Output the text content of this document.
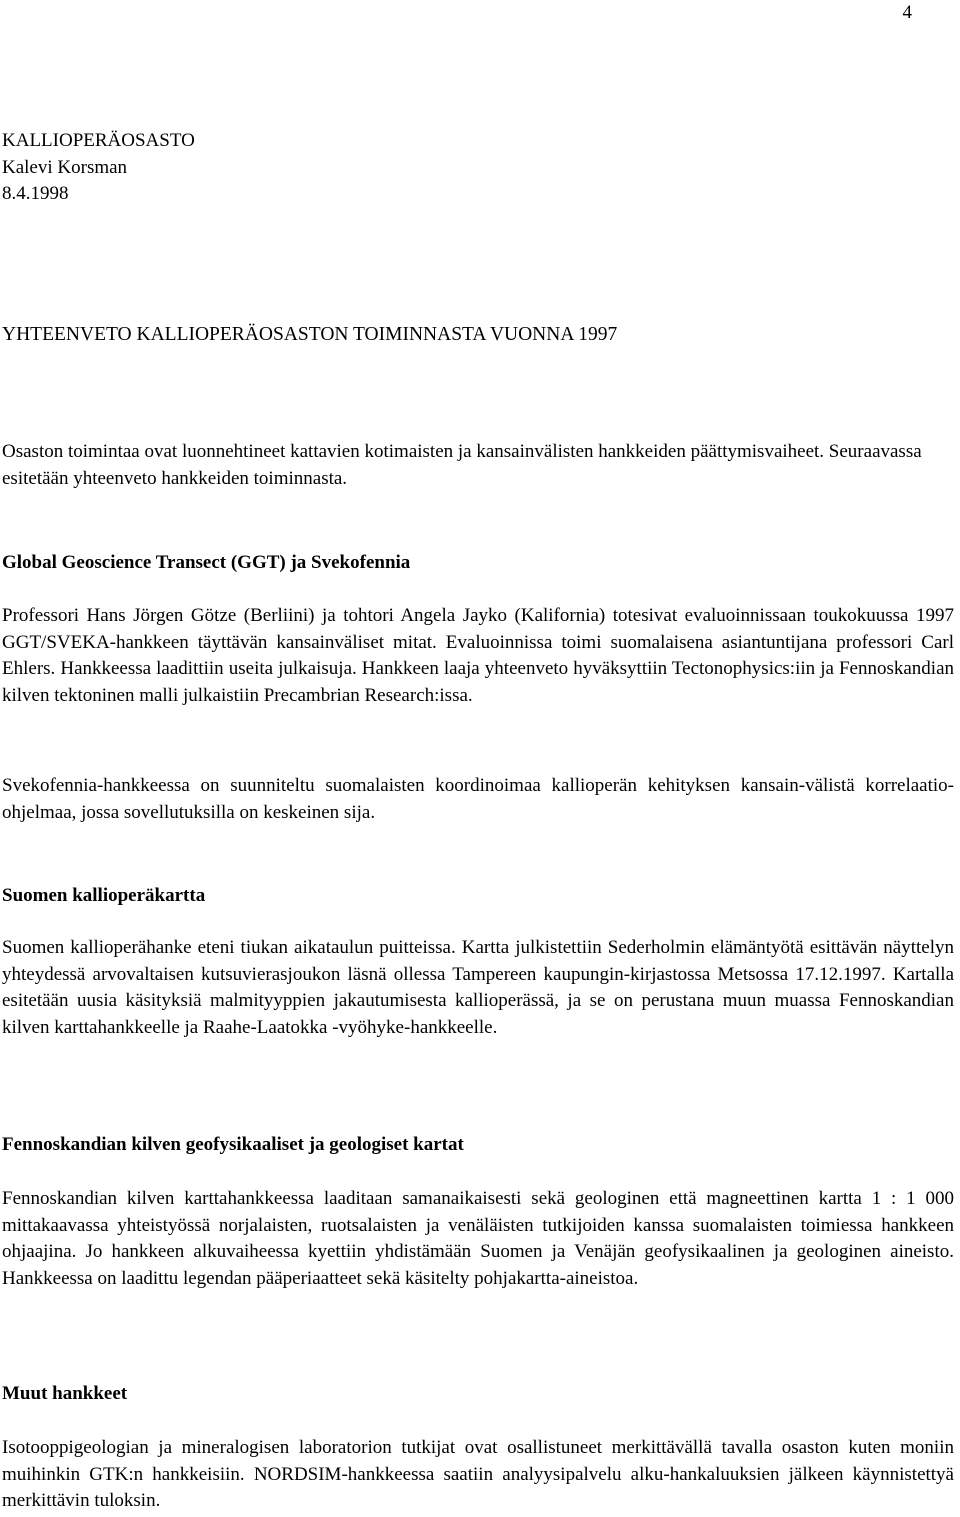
4
KALLIOPERÄOSASTO
Kalevi Korsman
8.4.1998
YHTEENVETO KALLIOPERÄOSASTON TOIMINNASTA VUONNA 1997

Osaston toimintaa ovat luonnehtineet kattavien kotimaisten ja kansainvälisten hankkeiden päättymisvaiheet. Seuraavassa esitetään yhteenveto hankkeiden toiminnasta.

Global Geoscience Transect (GGT) ja Svekofennia

Professori Hans Jörgen Götze (Berliini) ja tohtori Angela Jayko (Kalifornia) totesivat evaluoinnissaan toukokuussa 1997 GGT/SVEKA-hankkeen täyttävän kansainväliset mitat. Evaluoinnissa toimi suomalaisena asiantuntijana professori Carl Ehlers. Hankkeessa laadittiin useita julkaisuja. Hankkeen laaja yhteenveto hyväksyttiin Tectonophysics:iin ja Fennoskandian kilven tektoninen malli julkaistiin Precambrian Research:issa.

Svekofennia-hankkeessa on suunniteltu suomalaisten koordinoimaa kallioperän kehityksen kansain-välistä korrelaatio-ohjelmaa, jossa sovellutuksilla on keskeinen sija.

Suomen kallioperäkartta

Suomen kallioperähanke eteni tiukan aikataulun puitteissa. Kartta julkistettiin Sederholmin elämäntyötä esittävän näyttelyn yhteydessä arvovaltaisen kutsuvierasjoukon läsnä ollessa Tampereen kaupungin-kirjastossa Metsossa 17.12.1997. Kartalla esitetään uusia käsityksiä malmityyppien jakautumisesta kallioperässä, ja se on perustana muun muassa Fennoskandian kilven karttahankkeelle ja Raahe-Laatokka -vyöhyke-hankkeelle.

Fennoskandian kilven geofysikaaliset ja geologiset kartat

Fennoskandian kilven karttahankkeessa laaditaan samanaikaisesti sekä geologinen että magneettinen kartta 1 : 1 000 mittakaavassa yhteistyössä norjalaisten, ruotsalaisten ja venäläisten tutkijoiden kanssa suomalaisten toimiessa hankkeen ohjaajina. Jo hankkeen alkuvaiheessa kyettiin yhdistämään Suomen ja Venäjän geofysikaalinen ja geologinen aineisto. Hankkeessa on laadittu legendan pääperiaatteet sekä käsitelty pohjakartta-aineistoa.

Muut hankkeet

Isotooppigeologian ja mineralogisen laboratorion tutkijat ovat osallistuneet merkittävällä tavalla osaston kuten moniin muihinkin GTK:n hankkeisiin. NORDSIM-hankkeessa saatiin analyysipalvelu alku-hankaluuksien jälkeen käynnistettyä merkittävin tuloksin.
